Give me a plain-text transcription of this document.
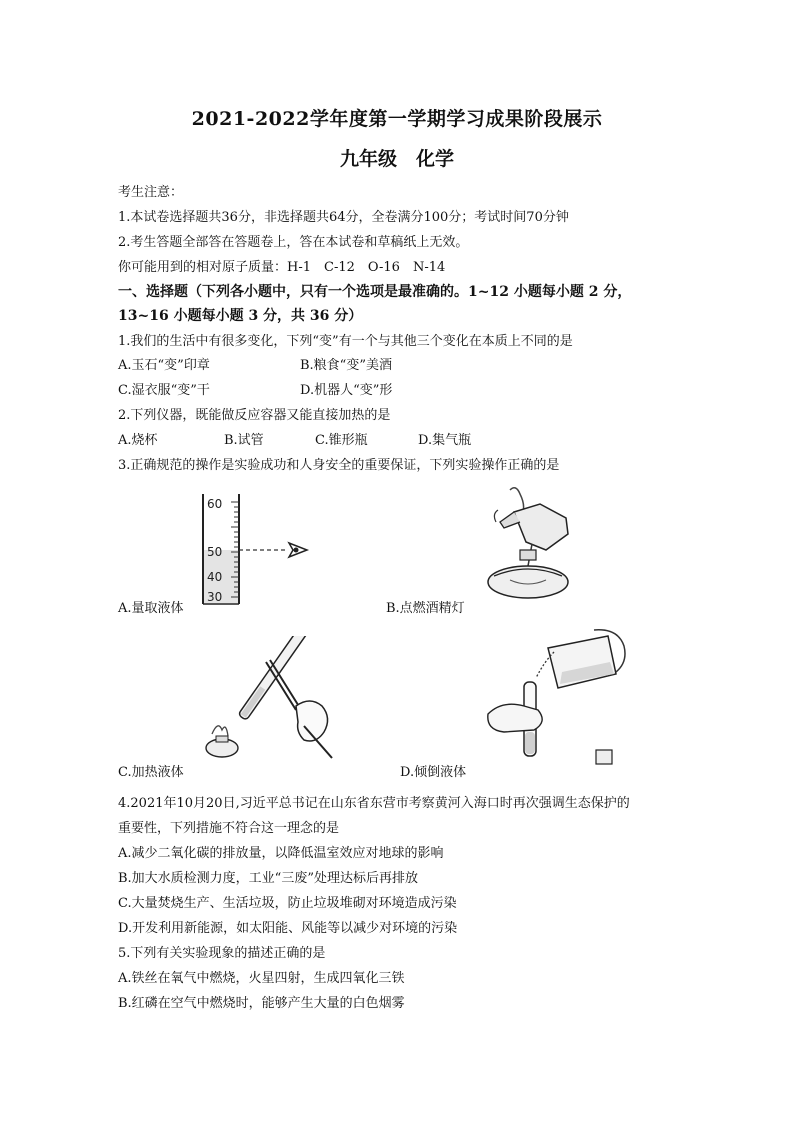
2021-2022学年度第一学期学习成果阶段展示
九年级　化学
考生注意：
1.本试卷选择题共36分，非选择题共64分，全卷满分100分；考试时间70分钟
2.考生答题全部答在答题卷上，答在本试卷和草稿纸上无效。
你可能用到的相对原子质量：H-1　C-12　O-16　N-14
一、选择题（下列各小题中，只有一个选项是最准确的。1~12 小题每小题 2 分，
13~16 小题每小题 3 分，共 36 分）
1.我们的生活中有很多变化，下列“变”有一个与其他三个变化在本质上不同的是
A.玉石“变”印章	B.粮食“变”美酒
C.湿衣服“变”干	D.机器人“变”形
2.下列仪器，既能做反应容器又能直接加热的是
A.烧杯	B.试管	C.锥形瓶	D.集气瓶
3.正确规范的操作是实验成功和人身安全的重要保证，下列实验操作正确的是
60
50
40
30
A.量取液体	B.点燃酒精灯
C.加热液体	D.倾倒液体
4.2021年10月20日,习近平总书记在山东省东营市考察黄河入海口时再次强调生态保护的
重要性，下列措施不符合这一理念的是
A.减少二氧化碳的排放量，以降低温室效应对地球的影响
B.加大水质检测力度，工业“三废”处理达标后再排放
C.大量焚烧生产、生活垃圾，防止垃圾堆砌对环境造成污染
D.开发利用新能源，如太阳能、风能等以减少对环境的污染
5.下列有关实验现象的描述正确的是
A.铁丝在氧气中燃烧，火星四射，生成四氧化三铁
B.红磷在空气中燃烧时，能够产生大量的白色烟雾
